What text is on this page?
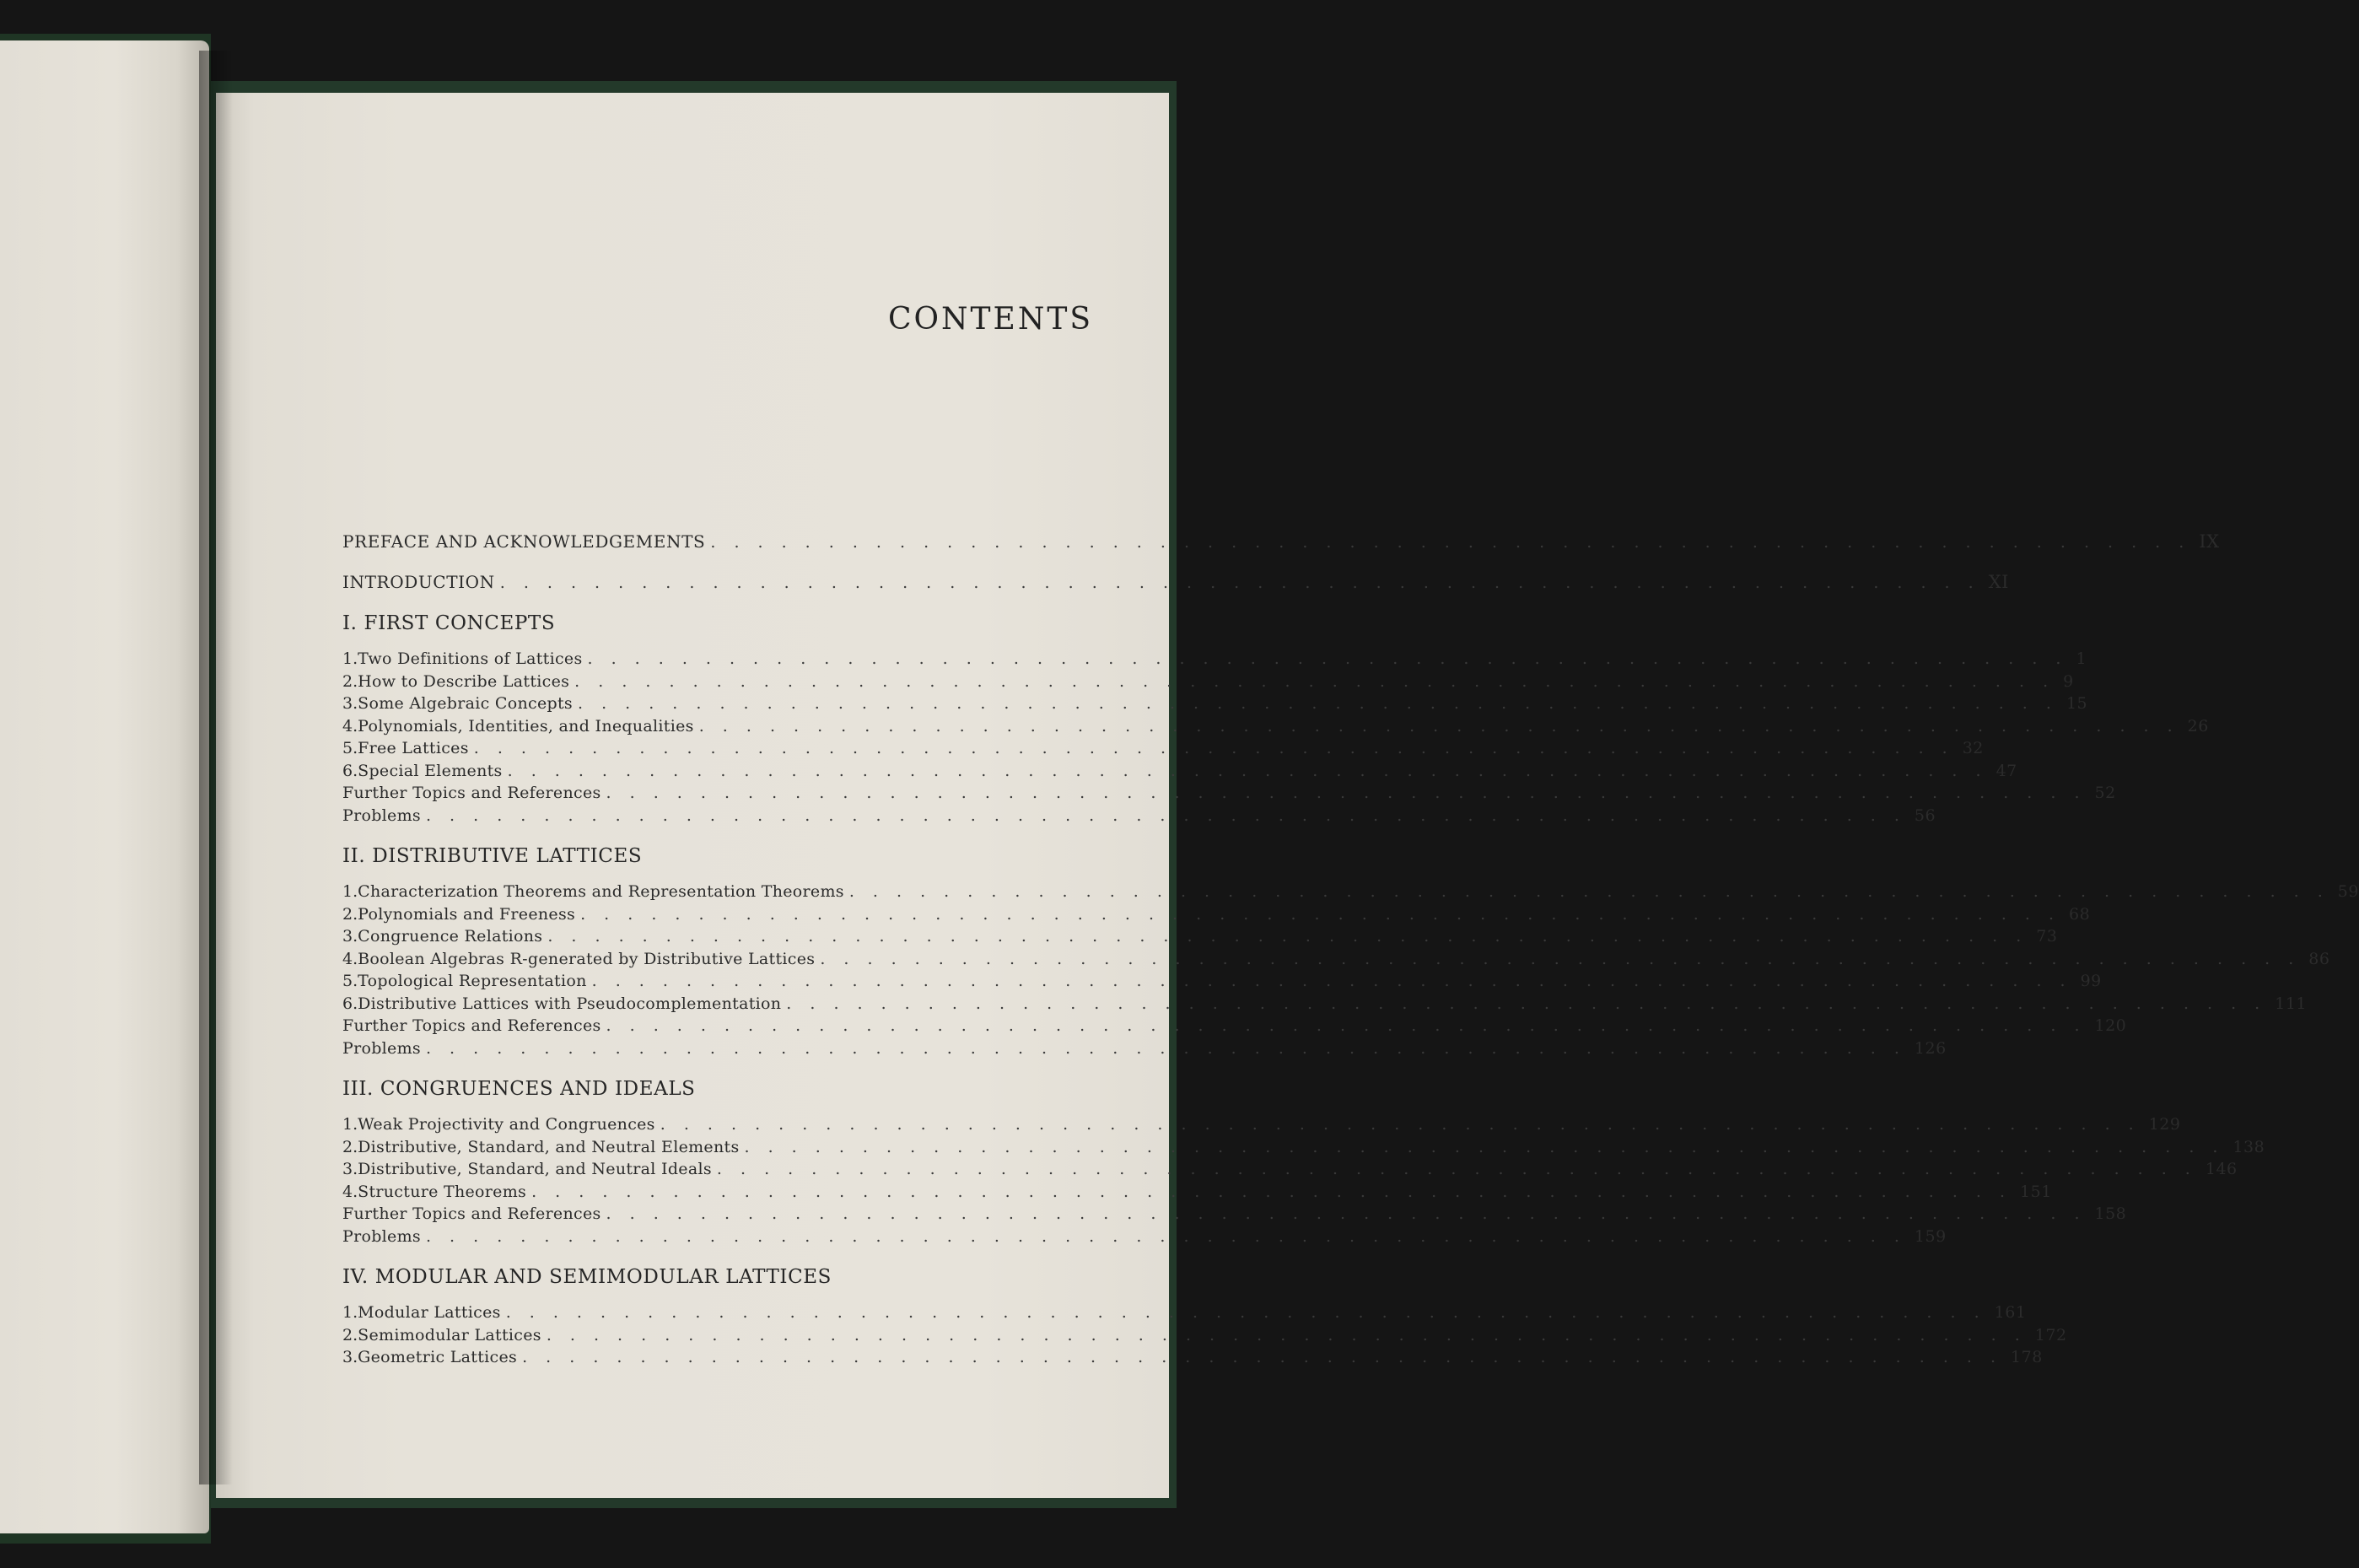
CONTENTS
PREFACE AND ACKNOWLEDGEMENTS . . . . . . . . . . . . . . . . . . . . . . . . . . . . . . . . . . . . . . . . . . . . . . . . . . . . . . . . . . . . . . . IX
INTRODUCTION . . . . . . . . . . . . . . . . . . . . . . . . . . . . . . . . . . . . . . . . . . . . . . . . . . . . . . . . . . . . . . . XI
I. FIRST CONCEPTS
1. Two Definitions of Lattices . . . . . . . . . . . . . . . . . . . . . . . . . . . . . . . . . . . . . . . . . . . . . . . . . . . . . . . . . . . . . . . 1
2. How to Describe Lattices . . . . . . . . . . . . . . . . . . . . . . . . . . . . . . . . . . . . . . . . . . . . . . . . . . . . . . . . . . . . . . . 9
3. Some Algebraic Concepts . . . . . . . . . . . . . . . . . . . . . . . . . . . . . . . . . . . . . . . . . . . . . . . . . . . . . . . . . . . . . . . 15
4. Polynomials, Identities, and Inequalities . . . . . . . . . . . . . . . . . . . . . . . . . . . . . . . . . . . . . . . . . . . . . . . . . . . . . . . . . . . . . . . 26
5. Free Lattices . . . . . . . . . . . . . . . . . . . . . . . . . . . . . . . . . . . . . . . . . . . . . . . . . . . . . . . . . . . . . . . 32
6. Special Elements . . . . . . . . . . . . . . . . . . . . . . . . . . . . . . . . . . . . . . . . . . . . . . . . . . . . . . . . . . . . . . . 47
Further Topics and References . . . . . . . . . . . . . . . . . . . . . . . . . . . . . . . . . . . . . . . . . . . . . . . . . . . . . . . . . . . . . . . 52
Problems . . . . . . . . . . . . . . . . . . . . . . . . . . . . . . . . . . . . . . . . . . . . . . . . . . . . . . . . . . . . . . . 56
II. DISTRIBUTIVE LATTICES
1. Characterization Theorems and Representation Theorems . . . . . . . . . . . . . . . . . . . . . . . . . . . . . . . . . . . . . . . . . . . . . . . . . . . . . . . . . . . . . . . 59
2. Polynomials and Freeness . . . . . . . . . . . . . . . . . . . . . . . . . . . . . . . . . . . . . . . . . . . . . . . . . . . . . . . . . . . . . . . 68
3. Congruence Relations . . . . . . . . . . . . . . . . . . . . . . . . . . . . . . . . . . . . . . . . . . . . . . . . . . . . . . . . . . . . . . . 73
4. Boolean Algebras R-generated by Distributive Lattices . . . . . . . . . . . . . . . . . . . . . . . . . . . . . . . . . . . . . . . . . . . . . . . . . . . . . . . . . . . . . . . 86
5. Topological Representation . . . . . . . . . . . . . . . . . . . . . . . . . . . . . . . . . . . . . . . . . . . . . . . . . . . . . . . . . . . . . . . 99
6. Distributive Lattices with Pseudocomplementation . . . . . . . . . . . . . . . . . . . . . . . . . . . . . . . . . . . . . . . . . . . . . . . . . . . . . . . . . . . . . . . 111
Further Topics and References . . . . . . . . . . . . . . . . . . . . . . . . . . . . . . . . . . . . . . . . . . . . . . . . . . . . . . . . . . . . . . . 120
Problems . . . . . . . . . . . . . . . . . . . . . . . . . . . . . . . . . . . . . . . . . . . . . . . . . . . . . . . . . . . . . . . 126
III. CONGRUENCES AND IDEALS
1. Weak Projectivity and Congruences . . . . . . . . . . . . . . . . . . . . . . . . . . . . . . . . . . . . . . . . . . . . . . . . . . . . . . . . . . . . . . . 129
2. Distributive, Standard, and Neutral Elements . . . . . . . . . . . . . . . . . . . . . . . . . . . . . . . . . . . . . . . . . . . . . . . . . . . . . . . . . . . . . . . 138
3. Distributive, Standard, and Neutral Ideals . . . . . . . . . . . . . . . . . . . . . . . . . . . . . . . . . . . . . . . . . . . . . . . . . . . . . . . . . . . . . . . 146
4. Structure Theorems . . . . . . . . . . . . . . . . . . . . . . . . . . . . . . . . . . . . . . . . . . . . . . . . . . . . . . . . . . . . . . . 151
Further Topics and References . . . . . . . . . . . . . . . . . . . . . . . . . . . . . . . . . . . . . . . . . . . . . . . . . . . . . . . . . . . . . . . 158
Problems . . . . . . . . . . . . . . . . . . . . . . . . . . . . . . . . . . . . . . . . . . . . . . . . . . . . . . . . . . . . . . . 159
IV. MODULAR AND SEMIMODULAR LATTICES
1. Modular Lattices . . . . . . . . . . . . . . . . . . . . . . . . . . . . . . . . . . . . . . . . . . . . . . . . . . . . . . . . . . . . . . . 161
2. Semimodular Lattices . . . . . . . . . . . . . . . . . . . . . . . . . . . . . . . . . . . . . . . . . . . . . . . . . . . . . . . . . . . . . . . 172
3. Geometric Lattices . . . . . . . . . . . . . . . . . . . . . . . . . . . . . . . . . . . . . . . . . . . . . . . . . . . . . . . . . . . . . . . 178
